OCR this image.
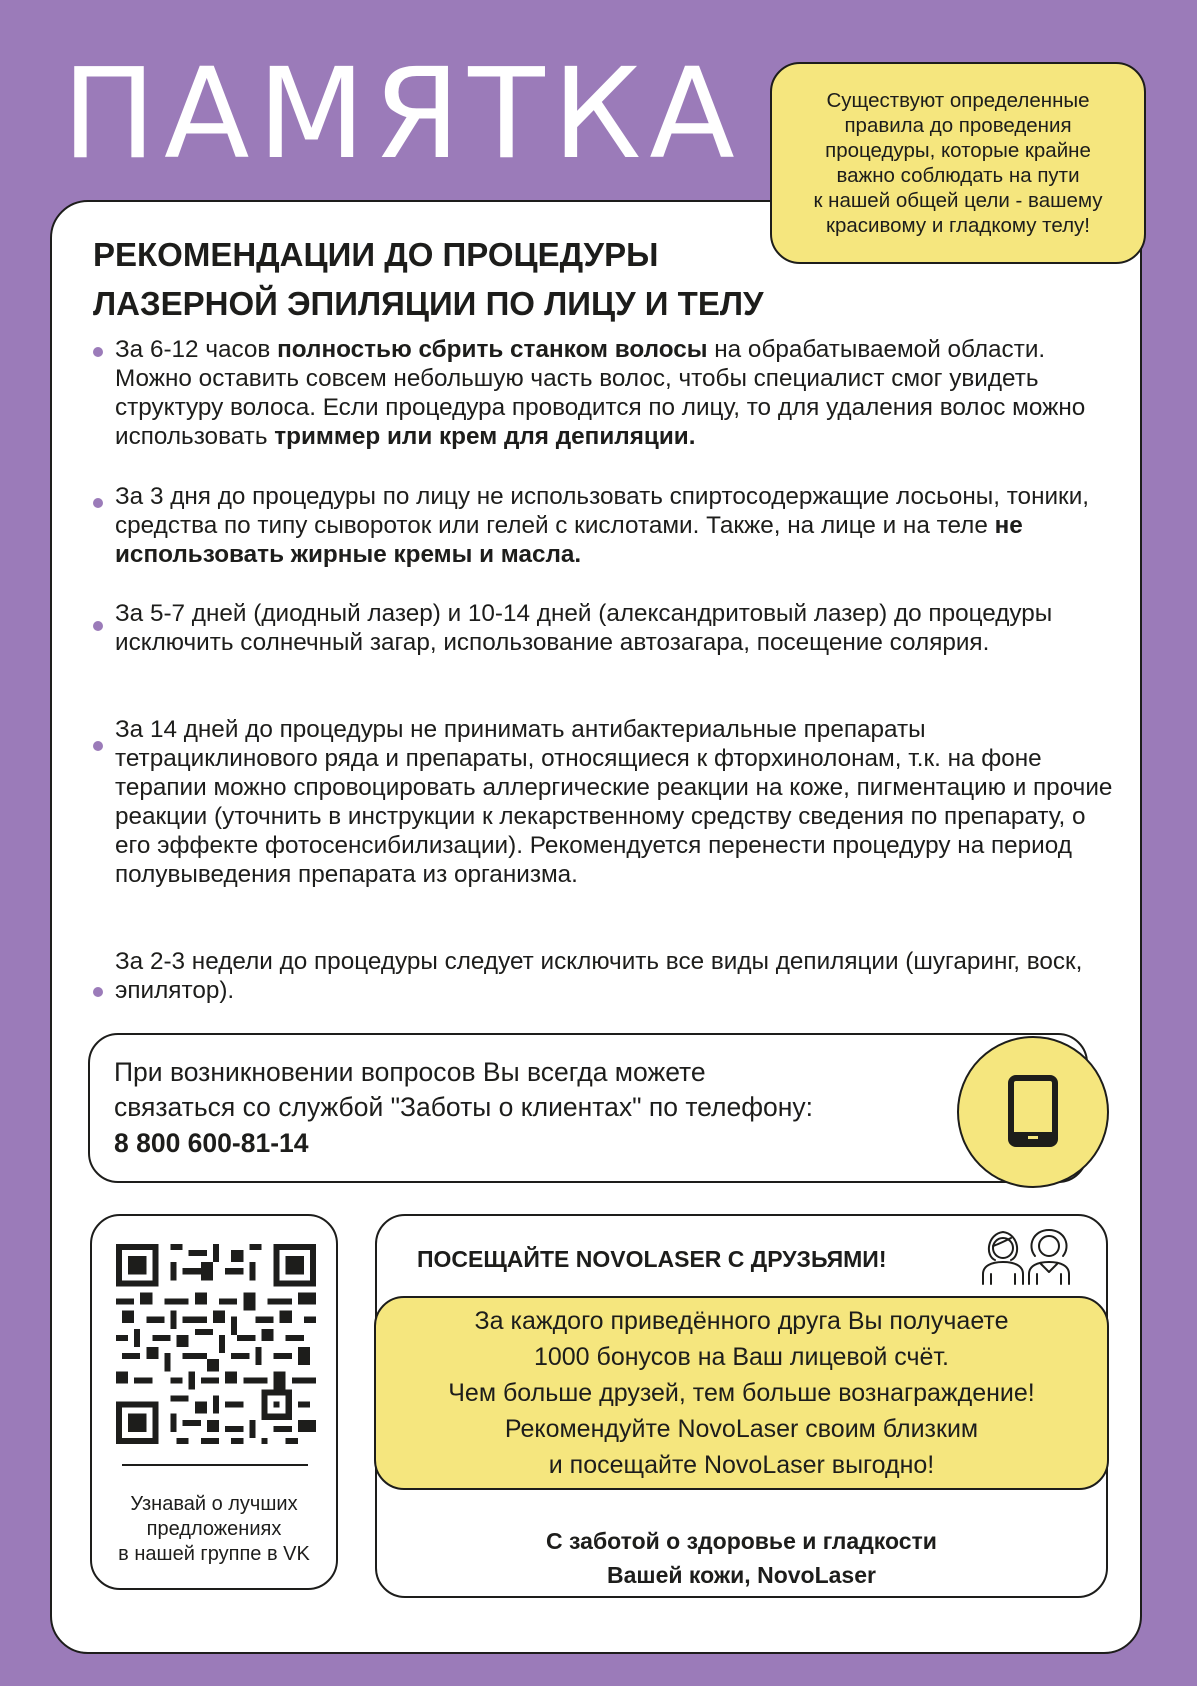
ПАМЯТКА	Существуют определенные
правила до проведения
процедуры, которые крайне
важно соблюдать на пути
к нашей общей цели - вашему
красивому и гладкому телу!
РЕКОМЕНДАЦИИ ДО ПРОЦЕДУРЫ
ЛАЗЕРНОЙ ЭПИЛЯЦИИ ПО ЛИЦУ И ТЕЛУ
За 6-12 часов полностью сбрить станком волосы на обрабатываемой области. Можно оставить совсем небольшую часть волос, чтобы специалист смог увидеть структуру волоса. Если процедура проводится по лицу, то для удаления волос можно использовать триммер или крем для депиляции.
За 3 дня до процедуры по лицу не использовать спиртосодержащие лосьоны, тоники, средства по типу сывороток или гелей с кислотами. Также, на лице и на теле не использовать жирные кремы и масла.
За 5-7 дней (диодный лазер) и 10-14 дней (александритовый лазер) до процедуры исключить солнечный загар, использование автозагара, посещение солярия.
За 14 дней до процедуры не принимать антибактериальные препараты тетрациклинового ряда и препараты, относящиеся к фторхинолонам, т.к. на фоне терапии можно спровоцировать аллергические реакции на коже, пигментацию и прочие реакции (уточнить в инструкции к лекарственному средству сведения по препарату, о его эффекте фотосенсибилизации). Рекомендуется перенести процедуру на период полувыведения препарата из организма.
За 2-3 недели до процедуры следует исключить все виды депиляции (шугаринг, воск, эпилятор).
При возникновении вопросов Вы всегда можете
связаться со службой "Заботы о клиентах" по телефону:
8 800 600-81-14
Узнавай о лучших
предложениях
в нашей группе в VK
ПОСЕЩАЙТЕ NOVOLASER С ДРУЗЬЯМИ!
За каждого приведённого друга Вы получаете
1000 бонусов на Ваш лицевой счёт.
Чем больше друзей, тем больше вознаграждение!
Рекомендуйте NovoLaser своим близким
и посещайте NovoLaser выгодно!
С заботой о здоровье и гладкости
Вашей кожи, NovoLaser
